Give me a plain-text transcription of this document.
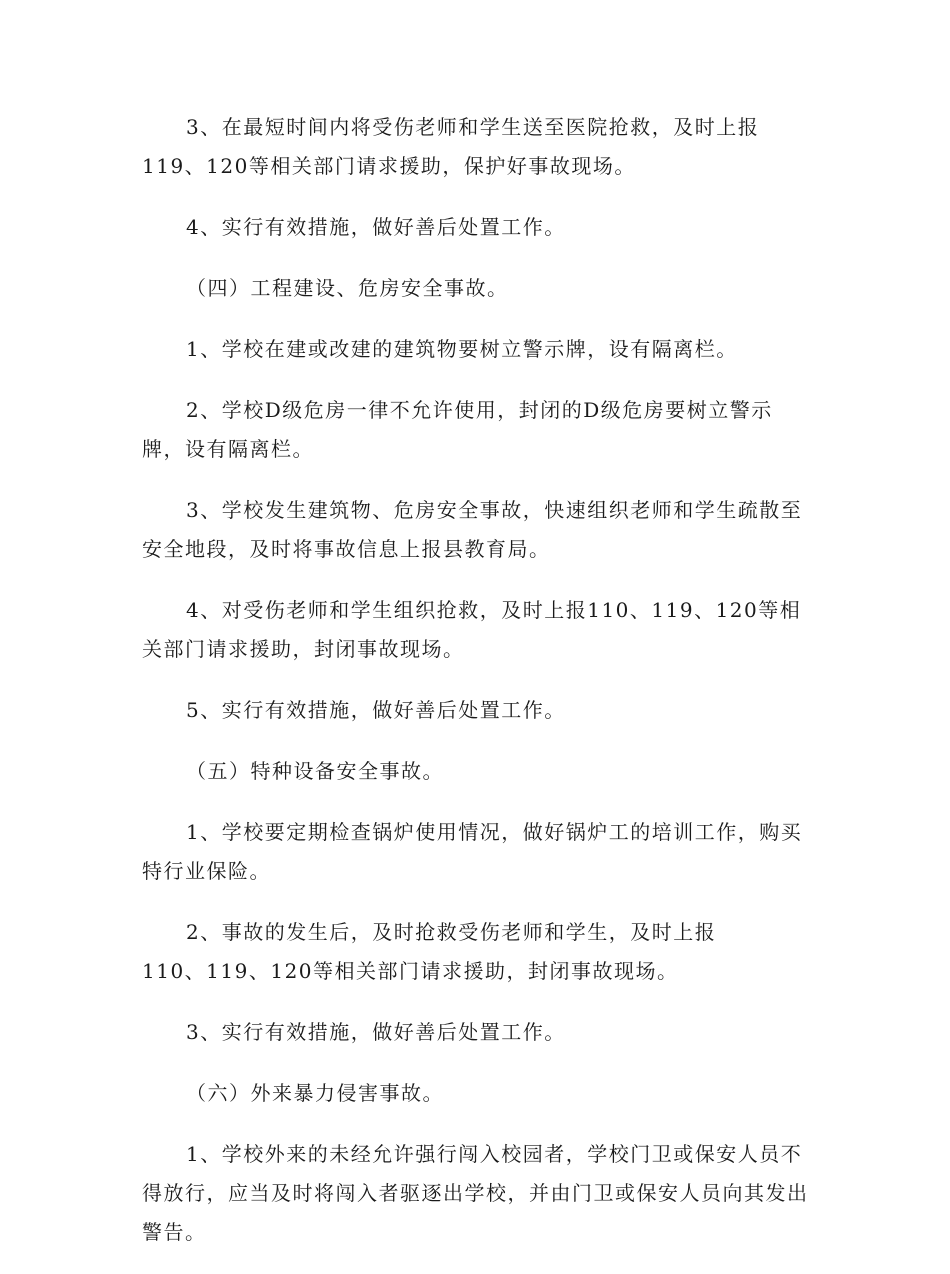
3、在最短时间内将受伤老师和学生送至医院抢救，及时上报
119、120等相关部门请求援助，保护好事故现场。

4、实行有效措施，做好善后处置工作。

（四）工程建设、危房安全事故。

1、学校在建或改建的建筑物要树立警示牌，设有隔离栏。

2、学校D级危房一律不允许使用，封闭的D级危房要树立警示牌，设有隔离栏。

3、学校发生建筑物、危房安全事故，快速组织老师和学生疏散至安全地段，及时将事故信息上报县教育局。

4、对受伤老师和学生组织抢救，及时上报110、119、120等相关部门请求援助，封闭事故现场。

5、实行有效措施，做好善后处置工作。

（五）特种设备安全事故。

1、学校要定期检查锅炉使用情况，做好锅炉工的培训工作，购买特行业保险。

2、事故的发生后，及时抢救受伤老师和学生，及时上报
110、119、120等相关部门请求援助，封闭事故现场。

3、实行有效措施，做好善后处置工作。

（六）外来暴力侵害事故。

1、学校外来的未经允许强行闯入校园者，学校门卫或保安人员不得放行，应当及时将闯入者驱逐出学校，并由门卫或保安人员向其发出警告。
